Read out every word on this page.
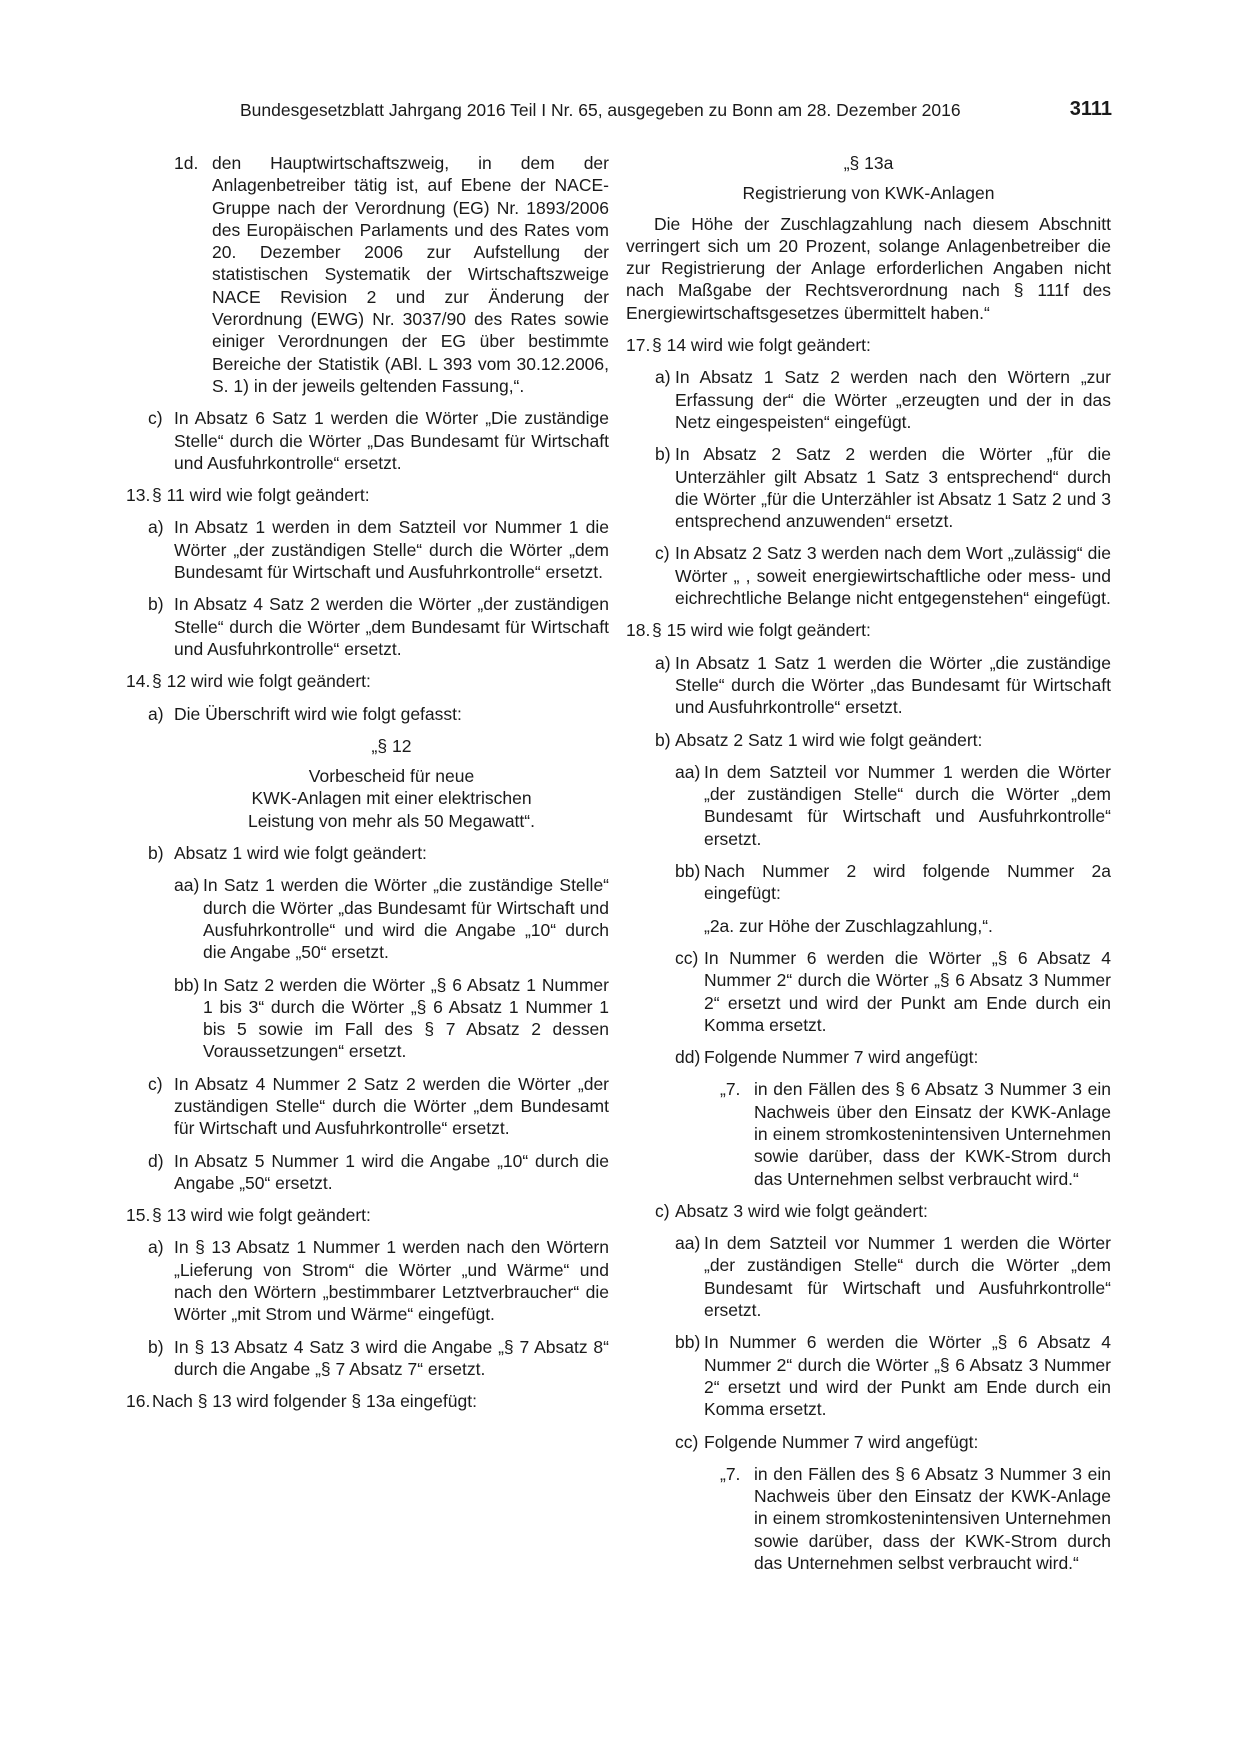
Bundesgesetzblatt Jahrgang 2016 Teil I Nr. 65, ausgegeben zu Bonn am 28. Dezember 2016	3111
1d. den Hauptwirtschaftszweig, in dem der Anlagenbetreiber tätig ist, auf Ebene der NACE-Gruppe nach der Verordnung (EG) Nr. 1893/2006 des Europäischen Parlaments und des Rates vom 20. Dezember 2006 zur Aufstellung der statistischen Systematik der Wirtschaftszweige NACE Revision 2 und zur Änderung der Verordnung (EWG) Nr. 3037/90 des Rates sowie einiger Verordnungen der EG über bestimmte Bereiche der Statistik (ABl. L 393 vom 30.12.2006, S. 1) in der jeweils geltenden Fassung,“.
c) In Absatz 6 Satz 1 werden die Wörter „Die zuständige Stelle“ durch die Wörter „Das Bundesamt für Wirtschaft und Ausfuhrkontrolle“ ersetzt.
13. § 11 wird wie folgt geändert:
a) In Absatz 1 werden in dem Satzteil vor Nummer 1 die Wörter „der zuständigen Stelle“ durch die Wörter „dem Bundesamt für Wirtschaft und Ausfuhrkontrolle“ ersetzt.
b) In Absatz 4 Satz 2 werden die Wörter „der zuständigen Stelle“ durch die Wörter „dem Bundesamt für Wirtschaft und Ausfuhrkontrolle“ ersetzt.
14. § 12 wird wie folgt geändert:
a) Die Überschrift wird wie folgt gefasst:
„§ 12
Vorbescheid für neue
KWK-Anlagen mit einer elektrischen
Leistung von mehr als 50 Megawatt“.
b) Absatz 1 wird wie folgt geändert:
aa) In Satz 1 werden die Wörter „die zuständige Stelle“ durch die Wörter „das Bundesamt für Wirtschaft und Ausfuhrkontrolle“ und wird die Angabe „10“ durch die Angabe „50“ ersetzt.
bb) In Satz 2 werden die Wörter „§ 6 Absatz 1 Nummer 1 bis 3“ durch die Wörter „§ 6 Absatz 1 Nummer 1 bis 5 sowie im Fall des § 7 Absatz 2 dessen Voraussetzungen“ ersetzt.
c) In Absatz 4 Nummer 2 Satz 2 werden die Wörter „der zuständigen Stelle“ durch die Wörter „dem Bundesamt für Wirtschaft und Ausfuhrkontrolle“ ersetzt.
d) In Absatz 5 Nummer 1 wird die Angabe „10“ durch die Angabe „50“ ersetzt.
15. § 13 wird wie folgt geändert:
a) In § 13 Absatz 1 Nummer 1 werden nach den Wörtern „Lieferung von Strom“ die Wörter „und Wärme“ und nach den Wörtern „bestimmbarer Letztverbraucher“ die Wörter „mit Strom und Wärme“ eingefügt.
b) In § 13 Absatz 4 Satz 3 wird die Angabe „§ 7 Absatz 8“ durch die Angabe „§ 7 Absatz 7“ ersetzt.
16. Nach § 13 wird folgender § 13a eingefügt:
„§ 13a
Registrierung von KWK-Anlagen
Die Höhe der Zuschlagzahlung nach diesem Abschnitt verringert sich um 20 Prozent, solange Anlagenbetreiber die zur Registrierung der Anlage erforderlichen Angaben nicht nach Maßgabe der Rechtsverordnung nach § 111f des Energiewirtschaftsgesetzes übermittelt haben.“
17. § 14 wird wie folgt geändert:
a) In Absatz 1 Satz 2 werden nach den Wörtern „zur Erfassung der“ die Wörter „erzeugten und der in das Netz eingespeisten“ eingefügt.
b) In Absatz 2 Satz 2 werden die Wörter „für die Unterzähler gilt Absatz 1 Satz 3 entsprechend“ durch die Wörter „für die Unterzähler ist Absatz 1 Satz 2 und 3 entsprechend anzuwenden“ ersetzt.
c) In Absatz 2 Satz 3 werden nach dem Wort „zulässig“ die Wörter „ , soweit energiewirtschaftliche oder mess- und eichrechtliche Belange nicht entgegenstehen“ eingefügt.
18. § 15 wird wie folgt geändert:
a) In Absatz 1 Satz 1 werden die Wörter „die zuständige Stelle“ durch die Wörter „das Bundesamt für Wirtschaft und Ausfuhrkontrolle“ ersetzt.
b) Absatz 2 Satz 1 wird wie folgt geändert:
aa) In dem Satzteil vor Nummer 1 werden die Wörter „der zuständigen Stelle“ durch die Wörter „dem Bundesamt für Wirtschaft und Ausfuhrkontrolle“ ersetzt.
bb) Nach Nummer 2 wird folgende Nummer 2a eingefügt:
„2a. zur Höhe der Zuschlagzahlung,“.
cc) In Nummer 6 werden die Wörter „§ 6 Absatz 4 Nummer 2“ durch die Wörter „§ 6 Absatz 3 Nummer 2“ ersetzt und wird der Punkt am Ende durch ein Komma ersetzt.
dd) Folgende Nummer 7 wird angefügt:
„7. in den Fällen des § 6 Absatz 3 Nummer 3 ein Nachweis über den Einsatz der KWK-Anlage in einem stromkostenintensiven Unternehmen sowie darüber, dass der KWK-Strom durch das Unternehmen selbst verbraucht wird.“
c) Absatz 3 wird wie folgt geändert:
aa) In dem Satzteil vor Nummer 1 werden die Wörter „der zuständigen Stelle“ durch die Wörter „dem Bundesamt für Wirtschaft und Ausfuhrkontrolle“ ersetzt.
bb) In Nummer 6 werden die Wörter „§ 6 Absatz 4 Nummer 2“ durch die Wörter „§ 6 Absatz 3 Nummer 2“ ersetzt und wird der Punkt am Ende durch ein Komma ersetzt.
cc) Folgende Nummer 7 wird angefügt:
„7. in den Fällen des § 6 Absatz 3 Nummer 3 ein Nachweis über den Einsatz der KWK-Anlage in einem stromkostenintensiven Unternehmen sowie darüber, dass der KWK-Strom durch das Unternehmen selbst verbraucht wird.“
